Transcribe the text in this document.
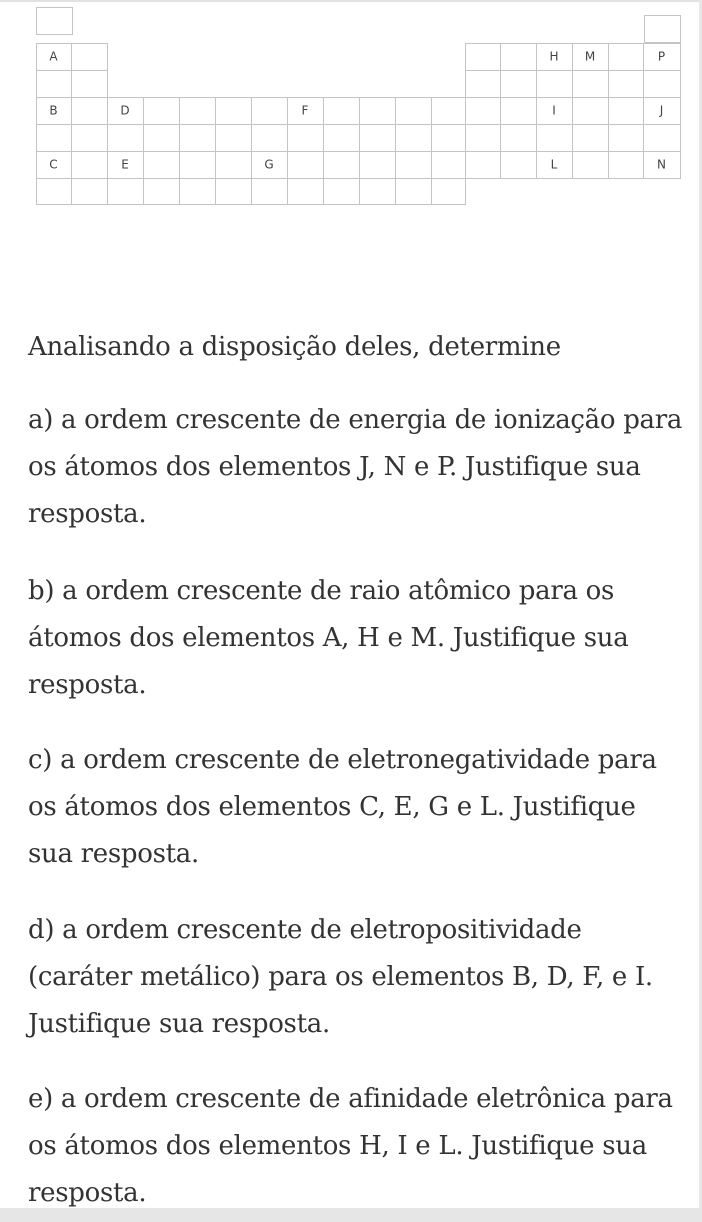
A	H M	P
B	D	F	I	J
C	E	G	L	N

Analisando a disposição deles, determine

a) a ordem crescente de energia de ionização para os átomos dos elementos J, N e P. Justifique sua resposta.

b) a ordem crescente de raio atômico para os átomos dos elementos A, H e M. Justifique sua resposta.

c) a ordem crescente de eletronegatividade para os átomos dos elementos C, E, G e L. Justifique sua resposta.

d) a ordem crescente de eletropositividade (caráter metálico) para os elementos B, D, F, e I. Justifique sua resposta.

e) a ordem crescente de afinidade eletrônica para os átomos dos elementos H, I e L. Justifique sua resposta.
